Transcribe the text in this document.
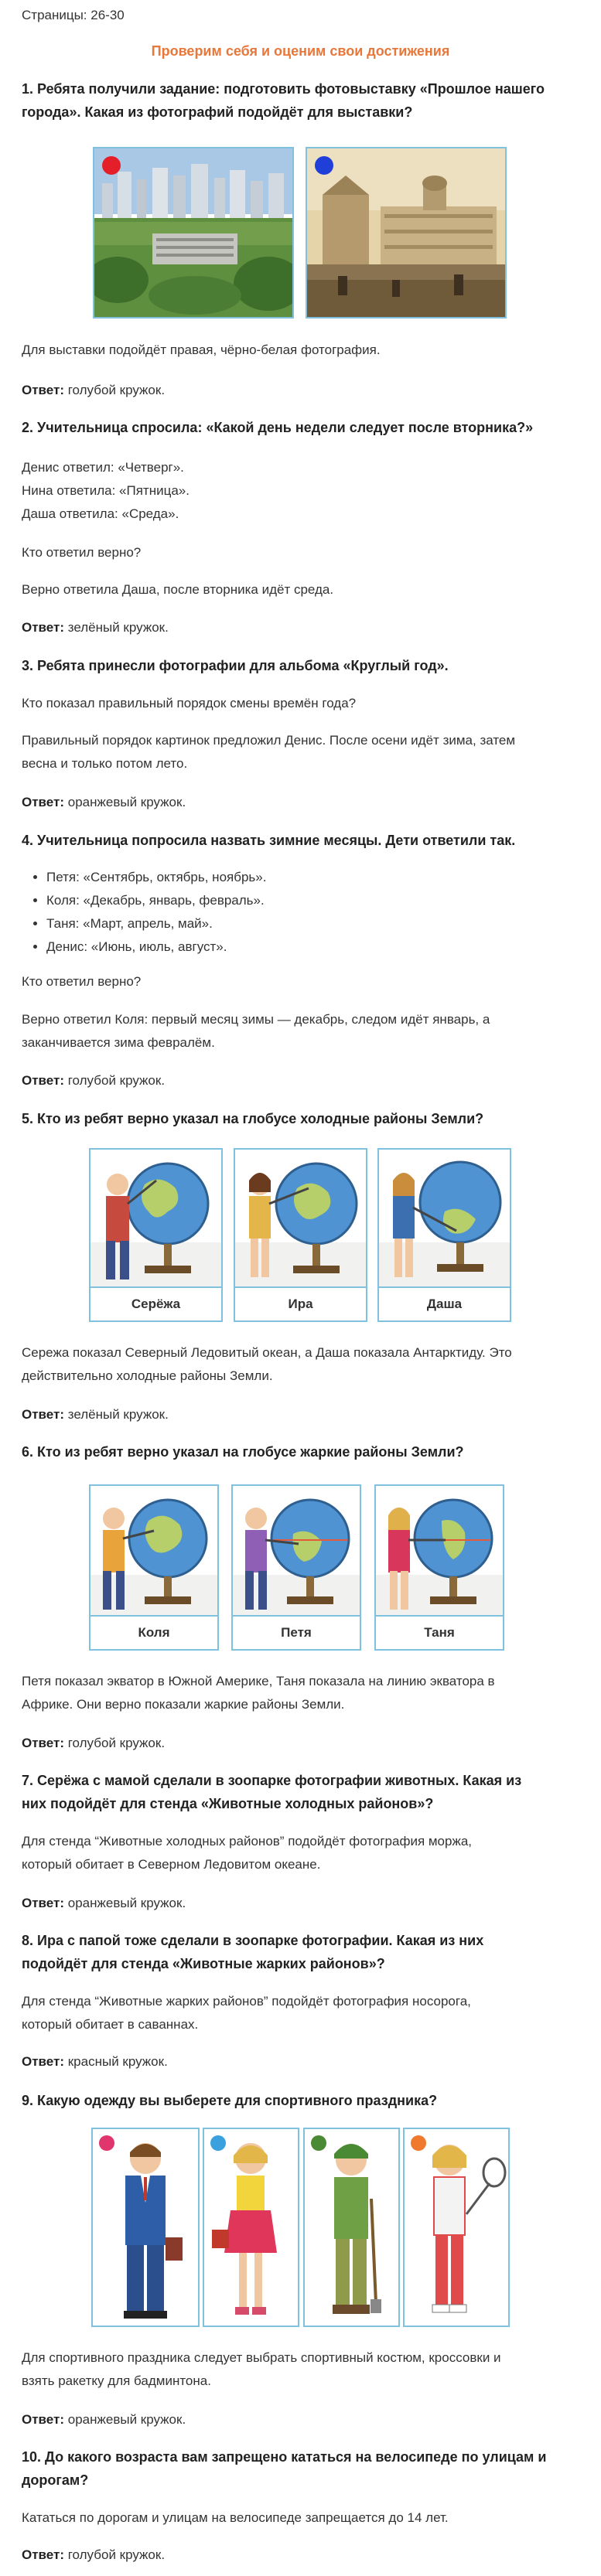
Страницы: 26-30
Проверим себя и оценим свои достижения
1. Ребята получили задание: подготовить фотовыставку «Прошлое нашего
города». Какая из фотографий подойдёт для выставки?
Для выставки подойдёт правая, чёрно-белая фотография.
Ответ: голубой кружок.
2. Учительница спросила: «Какой день недели следует после вторника?»
Денис ответил: «Четверг».
Нина ответила: «Пятница».
Даша ответила: «Среда».
Кто ответил верно?
Верно ответила Даша, после вторника идёт среда.
Ответ: зелёный кружок.
3. Ребята принесли фотографии для альбома «Круглый год».
Кто показал правильный порядок смены времён года?
Правильный порядок картинок предложил Денис. После осени идёт зима, затем
весна и только потом лето.
Ответ: оранжевый кружок.
4. Учительница попросила назвать зимние месяцы. Дети ответили так.
• Петя: «Сентябрь, октябрь, ноябрь».
• Коля: «Декабрь, январь, февраль».
• Таня: «Март, апрель, май».
• Денис: «Июнь, июль, август».
Кто ответил верно?
Верно ответил Коля: первый месяц зимы — декабрь, следом идёт январь, а
заканчивается зима февралём.
Ответ: голубой кружок.
5. Кто из ребят верно указал на глобусе холодные районы Земли?
Серёжа	Ира	Даша
Сережа показал Северный Ледовитый океан, а Даша показала Антарктиду. Это
действительно холодные районы Земли.
Ответ: зелёный кружок.
6. Кто из ребят верно указал на глобусе жаркие районы Земли?
Коля	Петя	Таня
Петя показал экватор в Южной Америке, Таня показала на линию экватора в
Африке. Они верно показали жаркие районы Земли.
Ответ: голубой кружок.
7. Серёжа с мамой сделали в зоопарке фотографии животных. Какая из
них подойдёт для стенда «Животные холодных районов»?
Для стенда “Животные холодных районов” подойдёт фотография моржа,
который обитает в Северном Ледовитом океане.
Ответ: оранжевый кружок.
8. Ира с папой тоже сделали в зоопарке фотографии. Какая из них
подойдёт для стенда «Животные жарких районов»?
Для стенда “Животные жарких районов” подойдёт фотография носорога,
который обитает в саваннах.
Ответ: красный кружок.
9. Какую одежду вы выберете для спортивного праздника?
Для спортивного праздника следует выбрать спортивный костюм, кроссовки и
взять ракетку для бадминтона.
Ответ: оранжевый кружок.
10. До какого возраста вам запрещено кататься на велосипеде по улицам и
дорогам?
Кататься по дорогам и улицам на велосипеде запрещается до 14 лет.
Ответ: голубой кружок.
